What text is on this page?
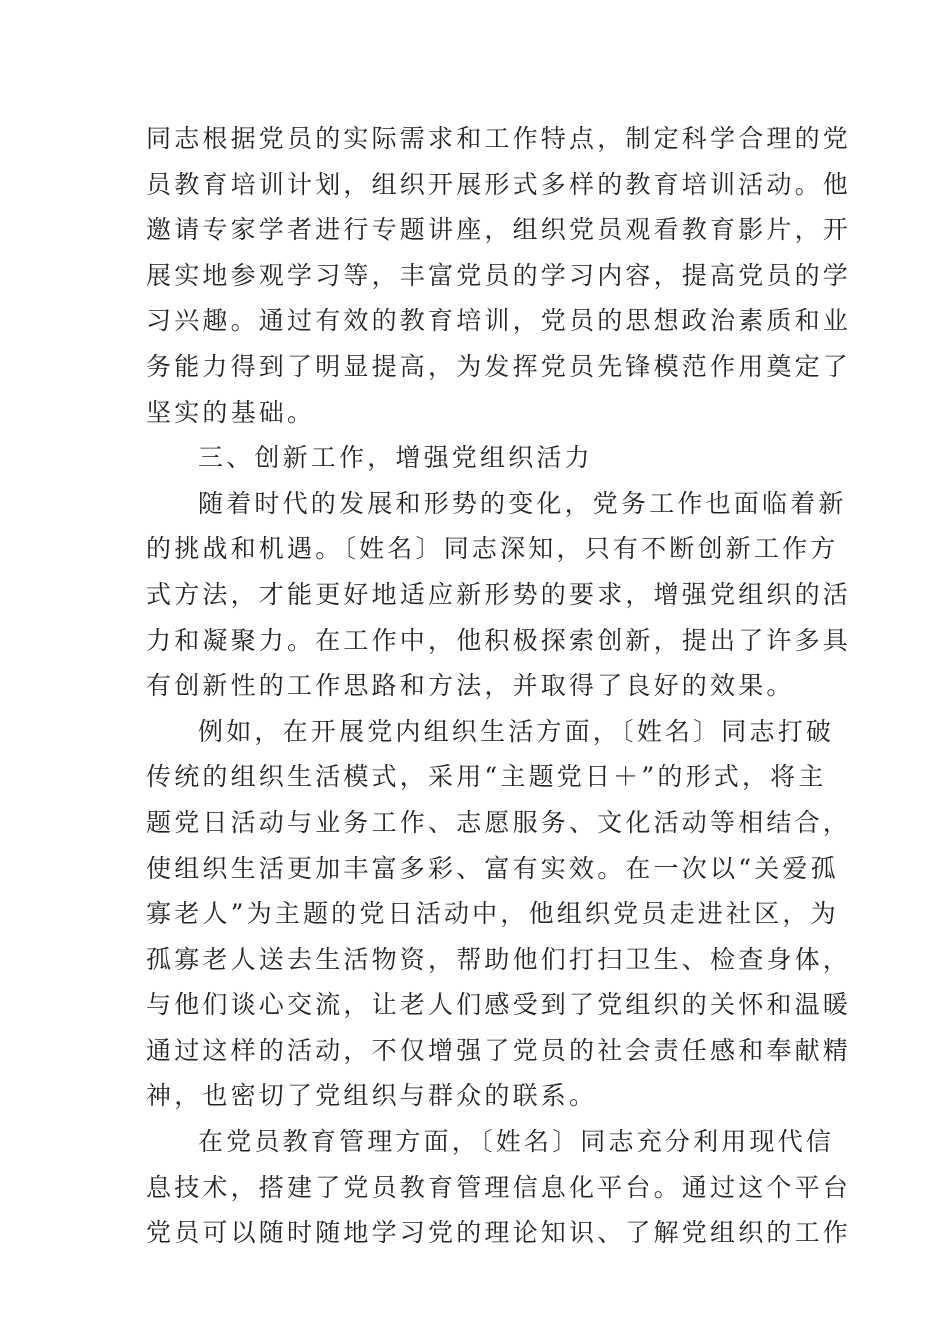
同志根据党员的实际需求和工作特点，制定科学合理的党
员教育培训计划，组织开展形式多样的教育培训活动。他
邀请专家学者进行专题讲座，组织党员观看教育影片，开
展实地参观学习等，丰富党员的学习内容，提高党员的学
习兴趣。通过有效的教育培训，党员的思想政治素质和业
务能力得到了明显提高，为发挥党员先锋模范作用奠定了
坚实的基础。
三、创新工作，增强党组织活力
随着时代的发展和形势的变化，党务工作也面临着新
的挑战和机遇。〔姓名〕同志深知，只有不断创新工作方
式方法，才能更好地适应新形势的要求，增强党组织的活
力和凝聚力。在工作中，他积极探索创新，提出了许多具
有创新性的工作思路和方法，并取得了良好的效果。
例如，在开展党内组织生活方面，〔姓名〕同志打破
传统的组织生活模式，采用“主题党日＋”的形式，将主
题党日活动与业务工作、志愿服务、文化活动等相结合，
使组织生活更加丰富多彩、富有实效。在一次以“关爱孤
寡老人”为主题的党日活动中，他组织党员走进社区，为
孤寡老人送去生活物资，帮助他们打扫卫生、检查身体，
与他们谈心交流，让老人们感受到了党组织的关怀和温暖
通过这样的活动，不仅增强了党员的社会责任感和奉献精
神，也密切了党组织与群众的联系。
在党员教育管理方面，〔姓名〕同志充分利用现代信
息技术，搭建了党员教育管理信息化平台。通过这个平台
党员可以随时随地学习党的理论知识、了解党组织的工作
